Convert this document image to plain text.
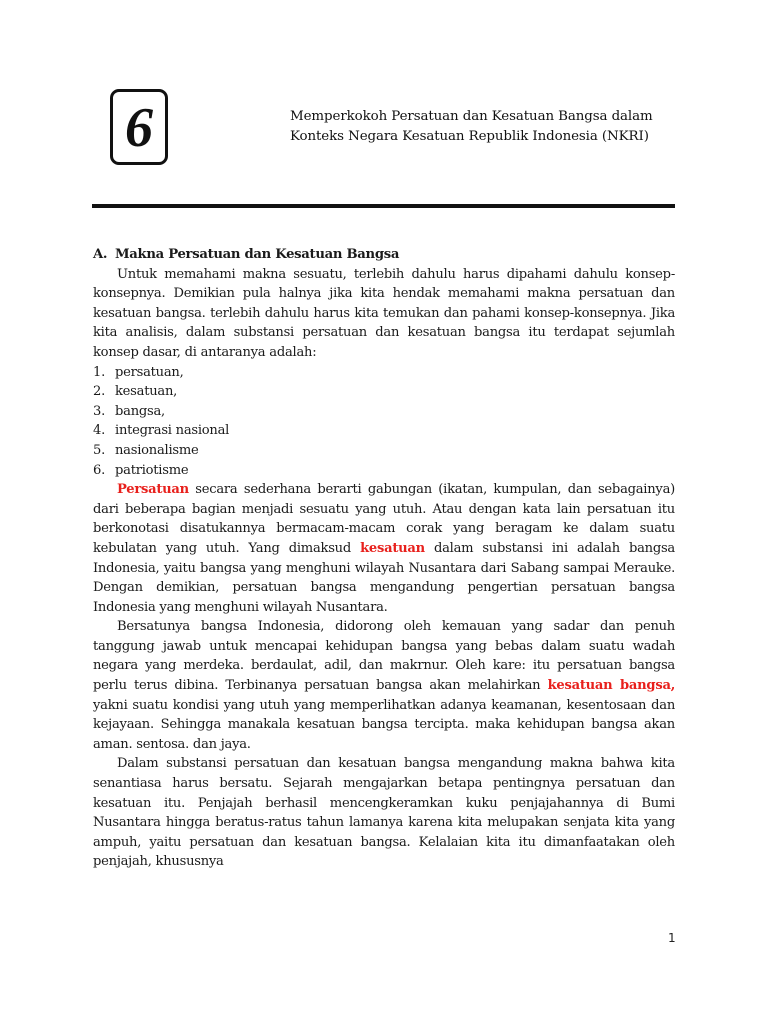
6	Memperkokoh Persatuan dan Kesatuan Bangsa dalam
Konteks Negara Kesatuan Republik Indonesia (NKRI)
A. Makna Persatuan dan Kesatuan Bangsa

Untuk memahami makna sesuatu, terlebih dahulu harus dipahami dahulu konsep-konsepnya. Demikian pula halnya jika kita hendak memahami makna persatuan dan kesatuan bangsa. terlebih dahulu harus kita temukan dan pahami konsep-konsepnya. Jika kita analisis, dalam substansi persatuan dan kesatuan bangsa itu terdapat sejumlah konsep dasar, di antaranya adalah:

1. persatuan,
2. kesatuan,
3. bangsa,
4. integrasi nasional
5. nasionalisme
6. patriotisme

Persatuan secara sederhana berarti gabungan (ikatan, kumpulan, dan sebagainya) dari beberapa bagian menjadi sesuatu yang utuh. Atau dengan kata lain persatuan itu berkonotasi disatukannya bermacam-macam corak yang beragam ke dalam suatu kebulatan yang utuh. Yang dimaksud kesatuan dalam substansi ini adalah bangsa Indonesia, yaitu bangsa yang menghuni wilayah Nusantara dari Sabang sampai Merauke. Dengan demikian, persatuan bangsa mengandung pengertian persatuan bangsa Indonesia yang menghuni wilayah Nusantara.

Bersatunya bangsa Indonesia, didorong oleh kemauan yang sadar dan penuh tanggung jawab untuk mencapai kehidupan bangsa yang bebas dalam suatu wadah negara yang merdeka. berdaulat, adil, dan makrnur. Oleh kare: itu persatuan bangsa perlu terus dibina. Terbinanya persatuan bangsa akan melahirkan kesatuan bangsa, yakni suatu kondisi yang utuh yang memperlihatkan adanya keamanan, kesentosaan dan kejayaan. Sehingga manakala kesatuan bangsa tercipta. maka kehidupan bangsa akan aman. sentosa. dan jaya.

Dalam substansi persatuan dan kesatuan bangsa mengandung makna bahwa kita senantiasa harus bersatu. Sejarah mengajarkan betapa pentingnya persatuan dan kesatuan itu. Penjajah berhasil mencengkeramkan kuku penjajahannya di Bumi Nusantara hingga beratus-ratus tahun lamanya karena kita melupakan senjata kita yang ampuh, yaitu persatuan dan kesatuan bangsa. Kelalaian kita itu dimanfaatakan oleh penjajah, khususnya

1
